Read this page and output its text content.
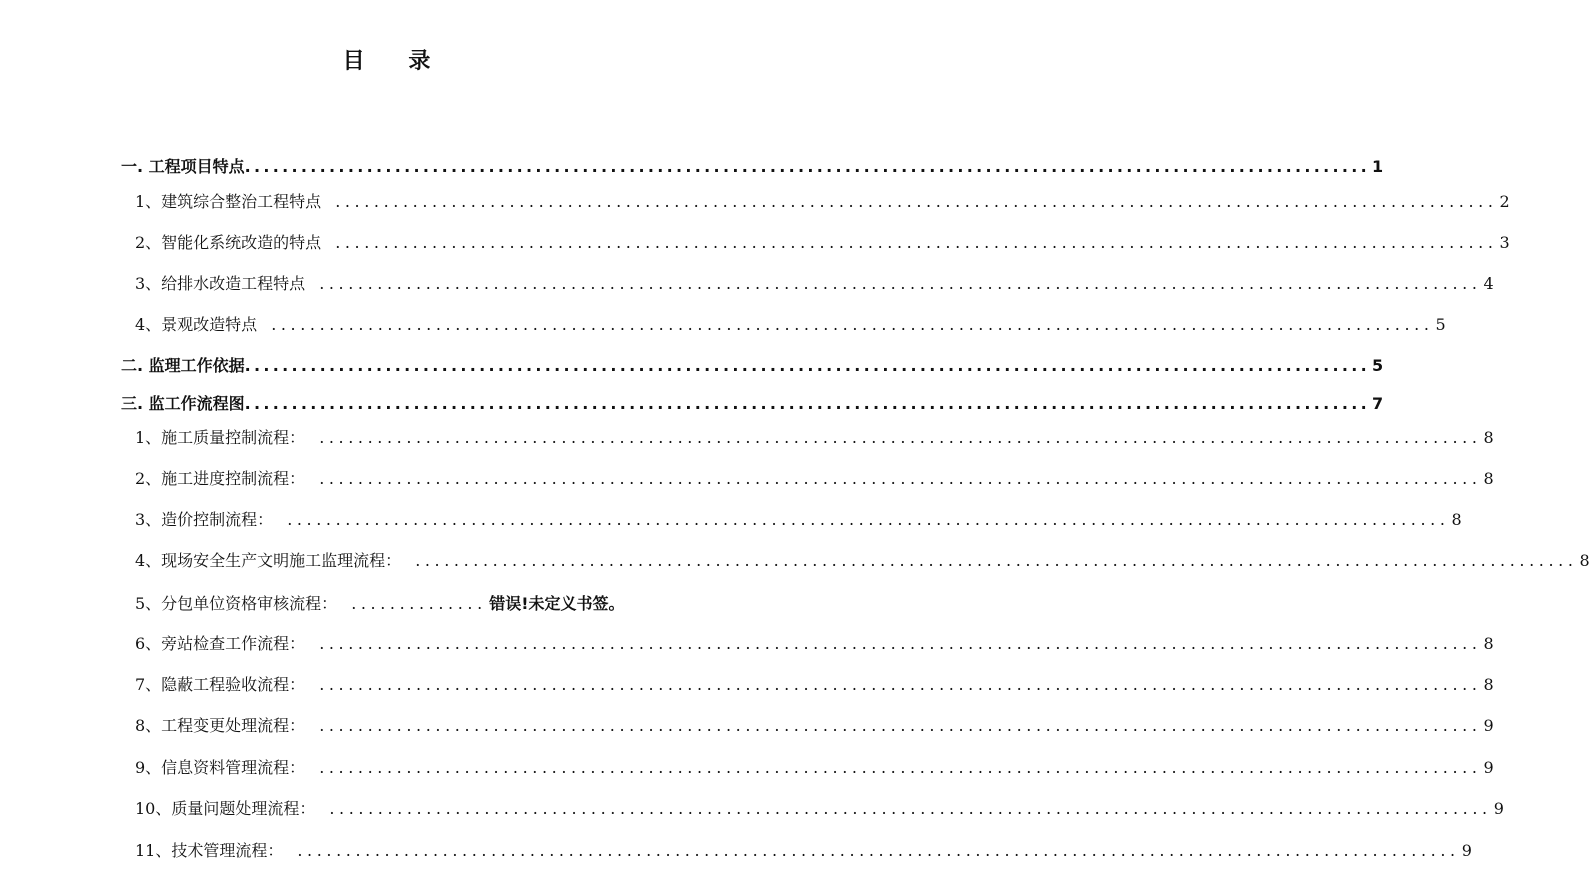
目 录
一. 工程项目特点 ........................................................................................................................ 1
1、建筑综合整治工程特点 ........................................................................................................................ 2
2、智能化系统改造的特点 ........................................................................................................................ 3
3、给排水改造工程特点 ........................................................................................................................ 4
4、景观改造特点 ........................................................................................................................ 5
二. 监理工作依据 ........................................................................................................................ 5
三. 监工作流程图 ........................................................................................................................ 7
1、施工质量控制流程： ........................................................................................................................ 8
2、施工进度控制流程： ........................................................................................................................ 8
3、造价控制流程： ........................................................................................................................ 8
4、现场安全生产文明施工监理流程： ........................................................................................................................ 8
5、分包单位资格审核流程： .............. 错误!未定义书签。
6、旁站检查工作流程： ........................................................................................................................ 8
7、隐蔽工程验收流程： ........................................................................................................................ 8
8、工程变更处理流程： ........................................................................................................................ 9
9、信息资料管理流程： ........................................................................................................................ 9
10、质量问题处理流程： ........................................................................................................................ 9
11、技术管理流程： ........................................................................................................................ 9
